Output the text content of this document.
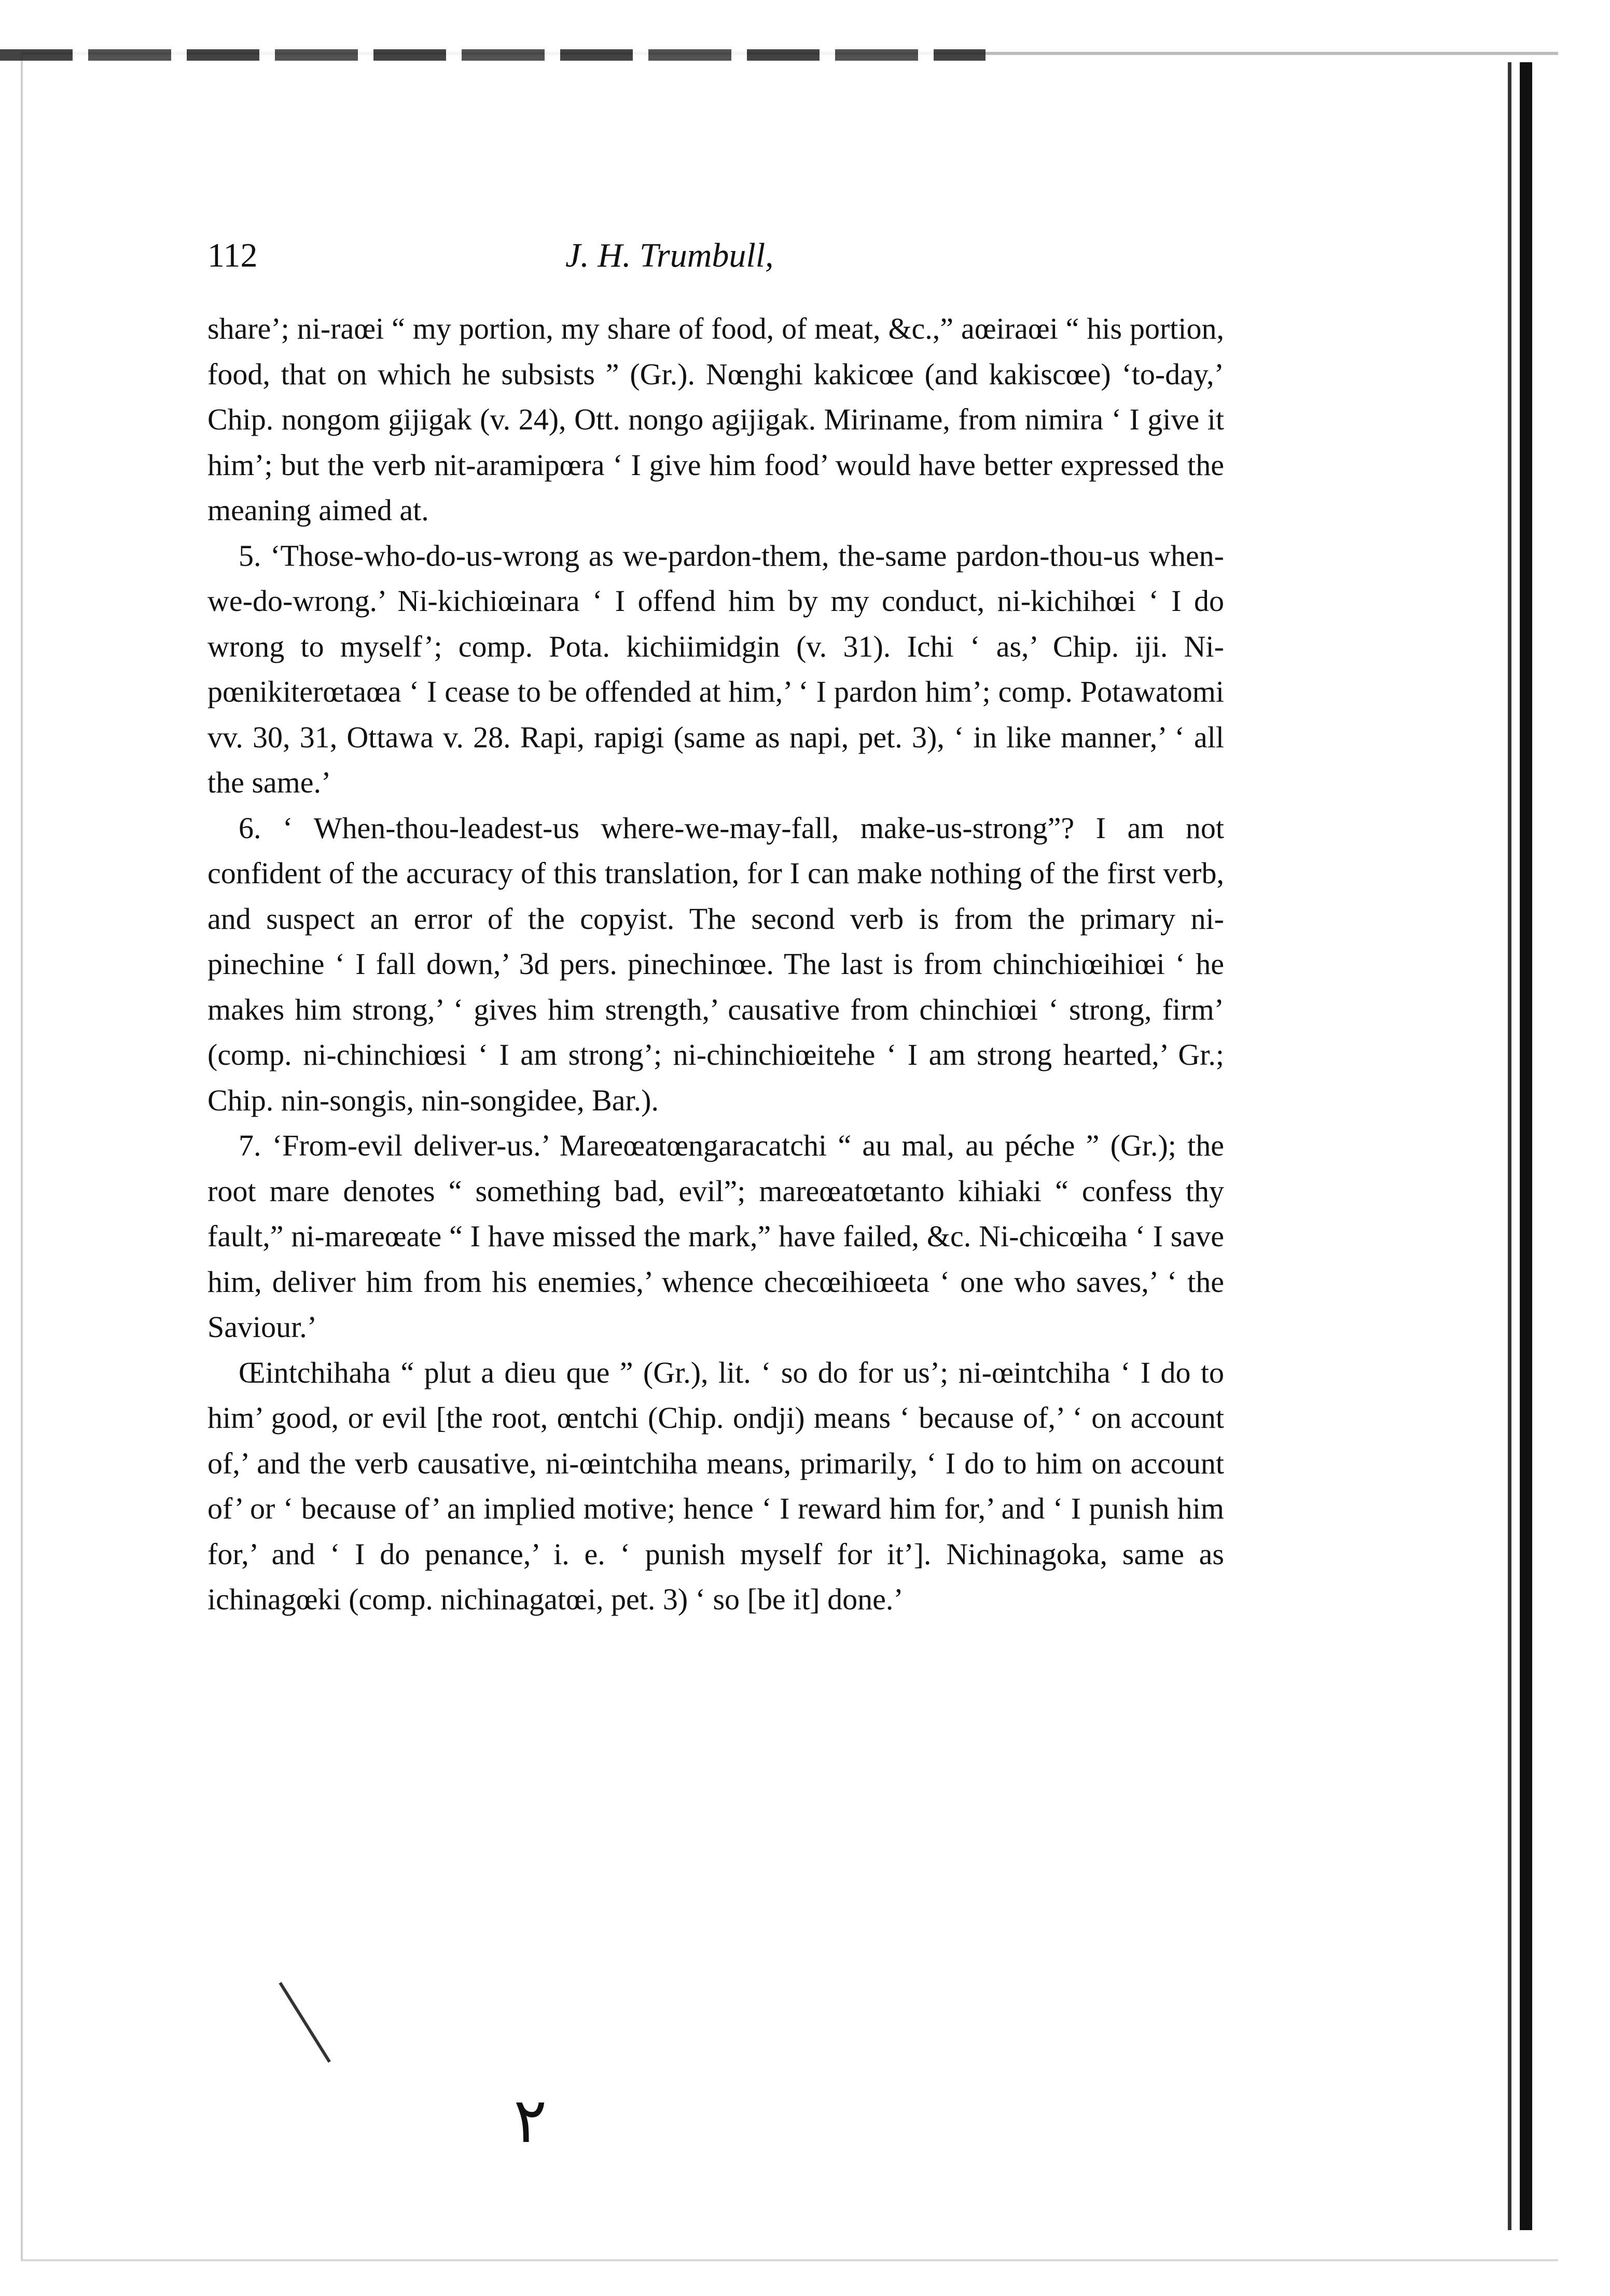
112	J. H. Trumbull,

share’; ni-raœi “ my portion, my share of food, of meat, &c.,” aœiraœi “ his portion, food, that on which he subsists ” (Gr.). Nœnghi kakicœe (and kakiscœe) ‘to-day,’ Chip. nongom gijigak (v. 24), Ott. nongo agijigak. Miriname, from nimira ‘ I give it him’; but the verb nit-aramipœra ‘ I give him food’ would have better expressed the meaning aimed at.

5. ‘Those-who-do-us-wrong as we-pardon-them, the-same pardon-thou-us when-we-do-wrong.’ Ni-kichiœinara ‘ I offend him by my conduct, ni-kichihœi ‘ I do wrong to myself’; comp. Pota. kichiimidgin (v. 31). Ichi ‘ as,’ Chip. iji. Ni-pœnikiterœtaœa ‘ I cease to be offended at him,’ ‘ I pardon him’; comp. Potawatomi vv. 30, 31, Ottawa v. 28. Rapi, rapigi (same as napi, pet. 3), ‘ in like manner,’ ‘ all the same.’

6. ‘ When-thou-leadest-us where-we-may-fall, make-us-strong”? I am not confident of the accuracy of this translation, for I can make nothing of the first verb, and suspect an error of the copyist. The second verb is from the primary ni-pinechine ‘ I fall down,’ 3d pers. pinechinœe. The last is from chinchiœihiœi ‘ he makes him strong,’ ‘ gives him strength,’ causative from chinchiœi ‘ strong, firm’ (comp. ni-chinchiœsi ‘ I am strong’; ni-chinchiœitehe ‘ I am strong hearted,’ Gr.; Chip. nin-songis, nin-songidee, Bar.).

7. ‘From-evil deliver-us.’ Mareœatœngaracatchi “ au mal, au péche ” (Gr.); the root mare denotes “ something bad, evil”; mareœatœtanto kihiaki “ confess thy fault,” ni-mareœate “ I have missed the mark,” have failed, &c. Ni-chicœiha ‘ I save him, deliver him from his enemies,’ whence checœihiœeta ‘ one who saves,’ ‘ the Saviour.’

Œintchihaha “ plut a dieu que ” (Gr.), lit. ‘ so do for us’; ni-œintchiha ‘ I do to him’ good, or evil [the root, œntchi (Chip. ondji) means ‘ because of,’ ‘ on account of,’ and the verb causative, ni-œintchiha means, primarily, ‘ I do to him on account of’ or ‘ because of’ an implied motive; hence ‘ I reward him for,’ and ‘ I punish him for,’ and ‘ I do penance,’ i. e. ‘ punish myself for it’]. Nichinagoka, same as ichinagœki (comp. nichinagatœi, pet. 3) ‘ so [be it] done.’

٢
